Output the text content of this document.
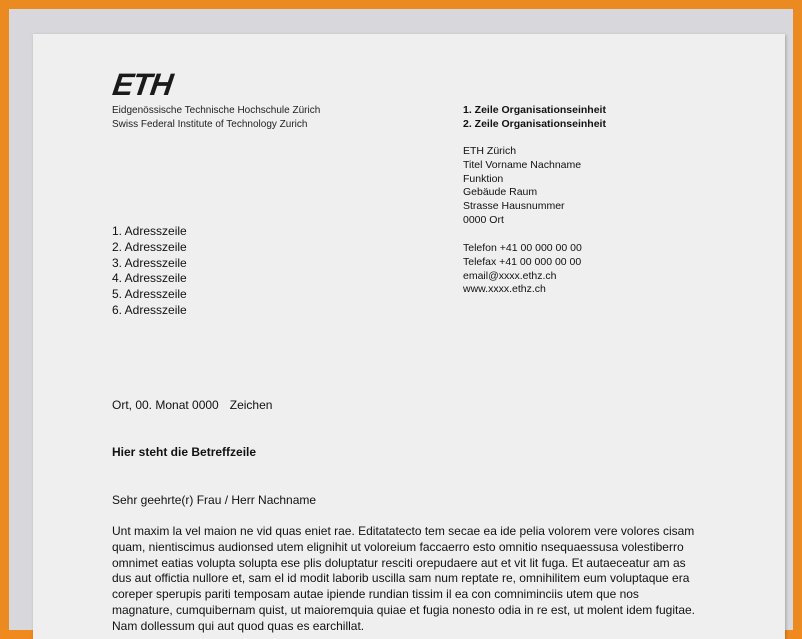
ETH
Eidgenössische Technische Hochschule Zürich
Swiss Federal Institute of Technology Zurich
1. Zeile Organisationseinheit
2. Zeile Organisationseinheit
ETH Zürich
Titel Vorname Nachname
Funktion
Gebäude Raum
Strasse Hausnummer
0000 Ort
Telefon +41 00 000 00 00
Telefax +41 00 000 00 00
email@xxxx.ethz.ch
www.xxxx.ethz.ch
1. Adresszeile
2. Adresszeile
3. Adresszeile
4. Adresszeile
5. Adresszeile
6. Adresszeile
Ort, 00. Monat 0000 Zeichen
Hier steht die Betreffzeile
Sehr geehrte(r) Frau / Herr Nachname
Unt maxim la vel maion ne vid quas eniet rae. Editatatecto tem secae ea ide pelia volorem vere volores cisam
quam, nientiscimus audionsed utem elignihit ut voloreium faccaerro esto omnitio nsequaessusa volestiberro
omnimet eatias volupta solupta ese plis doluptatur resciti orepudaere aut et vit lit fuga. Et autaeceatur am as
dus aut offictia nullore et, sam el id modit laborib uscilla sam num reptate re, omnihilitem eum voluptaque era
coreper sperupis pariti temposam autae ipiende rundian tissim il ea con comniminciis utem que nos
magnature, cumquibernam quist, ut maioremquia quiae et fugia nonesto odia in re est, ut molent idem fugitae.
Nam dollessum qui aut quod quas es earchillat.
